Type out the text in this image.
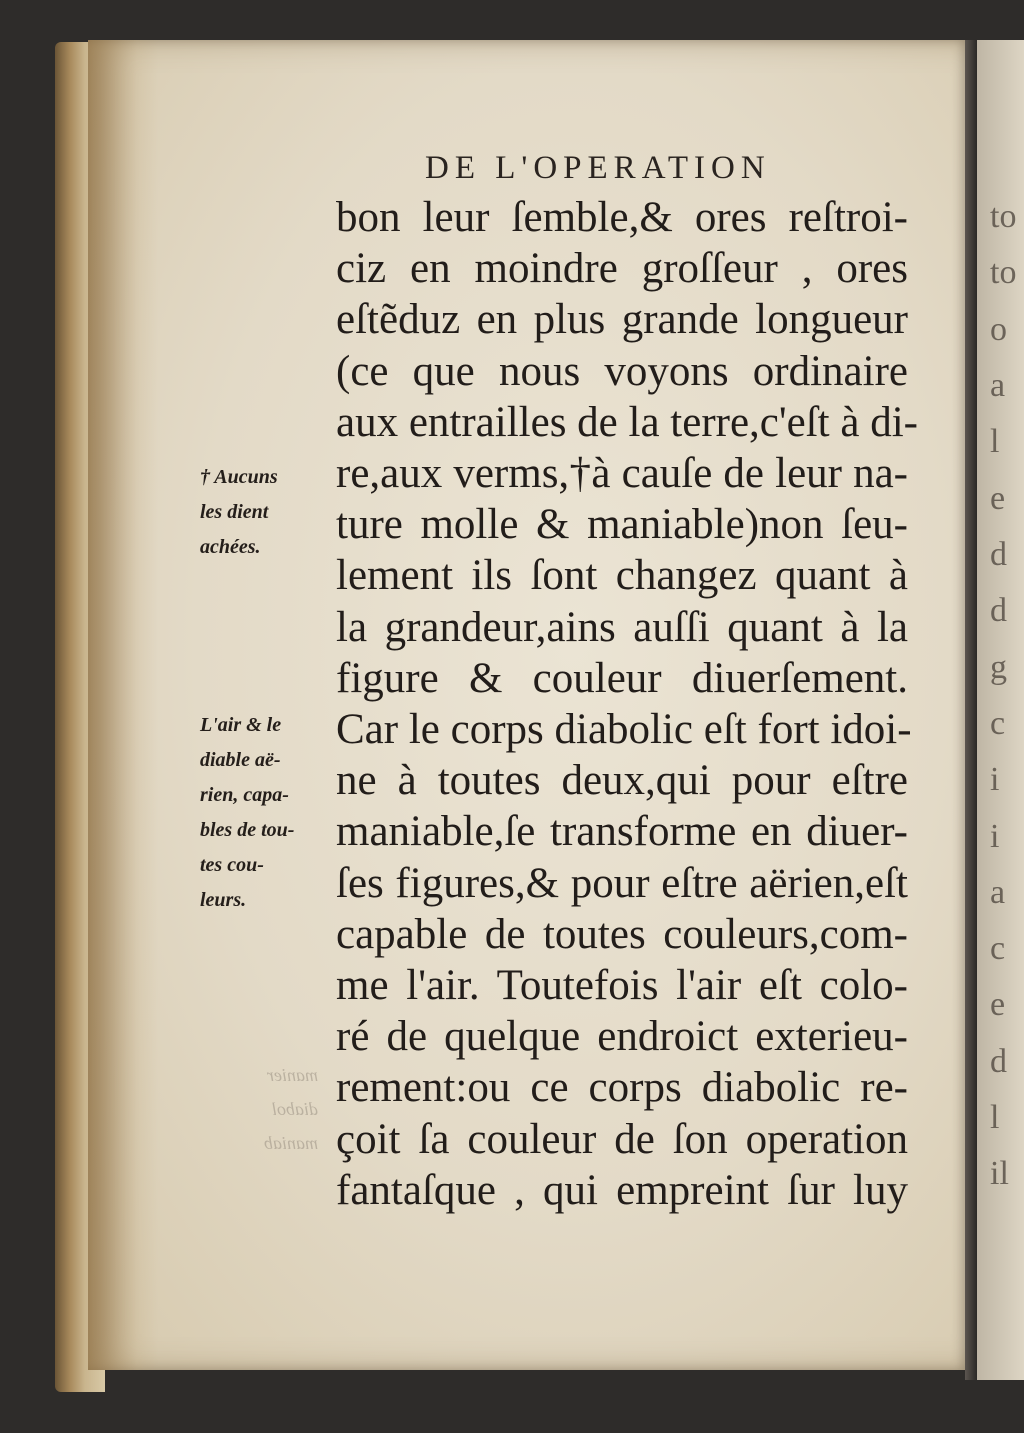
to
to
o
a
l
e
d
d
g
c
i
i
a
c
e
d
l
il
manier
diabol
maniab
DE L'OPERATION
bon leur ſemble,& ores reſtroi-
ciz en moindre groſſeur , ores
eſtẽduz en plus grande longueur
(ce que nous voyons ordinaire
aux entrailles de la terre,c'eſt à di-
re,aux verms,†à cauſe de leur na-
ture molle & maniable)non ſeu-
lement ils ſont changez quant à
la grandeur,ains auſſi quant à la
figure & couleur diuerſement.
Car le corps diabolic eſt fort idoi-
ne à toutes deux,qui pour eſtre
maniable,ſe transforme en diuer-
ſes figures,& pour eſtre aërien,eſt
capable de toutes couleurs,com-
me l'air. Toutefois l'air eſt colo-
ré de quelque endroict exterieu-
rement:ou ce corps diabolic re-
çoit ſa couleur de ſon operation
fantaſque , qui empreint ſur luy
† Aucuns
les dient
achées.
L'air & le
diable aë-
rien, capa-
bles de tou-
tes cou-
leurs.
